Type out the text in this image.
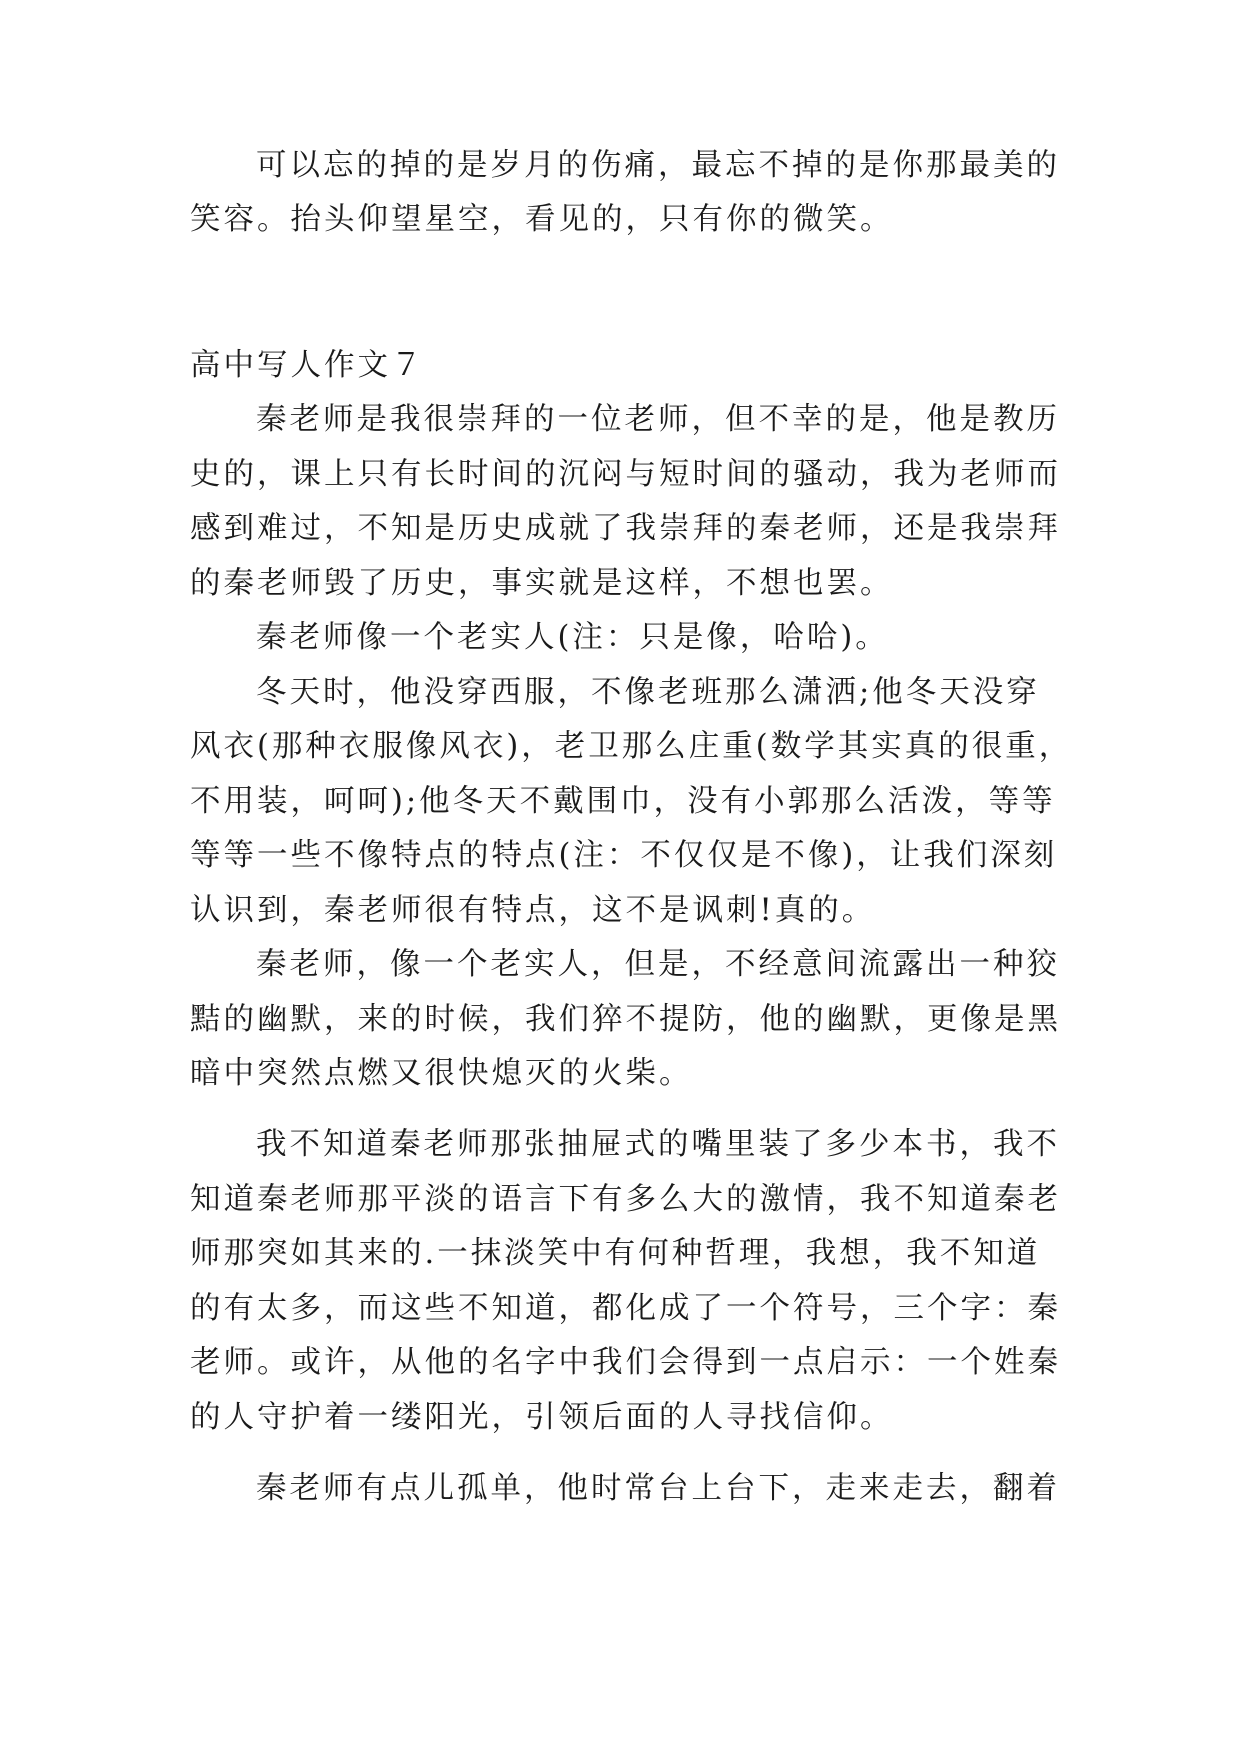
可以忘的掉的是岁月的伤痛，最忘不掉的是你那最美的
笑容。抬头仰望星空，看见的，只有你的微笑。
高中写人作文７
秦老师是我很崇拜的一位老师，但不幸的是，他是教历
史的，课上只有长时间的沉闷与短时间的骚动，我为老师而
感到难过，不知是历史成就了我崇拜的秦老师，还是我崇拜
的秦老师毁了历史，事实就是这样，不想也罢。
秦老师像一个老实人(注：只是像，哈哈)。
冬天时，他没穿西服，不像老班那么潇洒;他冬天没穿
风衣(那种衣服像风衣)，老卫那么庄重(数学其实真的很重，
不用装，呵呵);他冬天不戴围巾，没有小郭那么活泼，等等
等等一些不像特点的特点(注：不仅仅是不像)，让我们深刻
认识到，秦老师很有特点，这不是讽刺!真的。
秦老师，像一个老实人，但是，不经意间流露出一种狡
黠的幽默，来的时候，我们猝不提防，他的幽默，更像是黑
暗中突然点燃又很快熄灭的火柴。
我不知道秦老师那张抽屉式的嘴里装了多少本书，我不
知道秦老师那平淡的语言下有多么大的激情，我不知道秦老
师那突如其来的.一抹淡笑中有何种哲理，我想，我不知道
的有太多，而这些不知道，都化成了一个符号，三个字：秦
老师。或许，从他的名字中我们会得到一点启示：一个姓秦
的人守护着一缕阳光，引领后面的人寻找信仰。
秦老师有点儿孤单，他时常台上台下，走来走去，翻着
